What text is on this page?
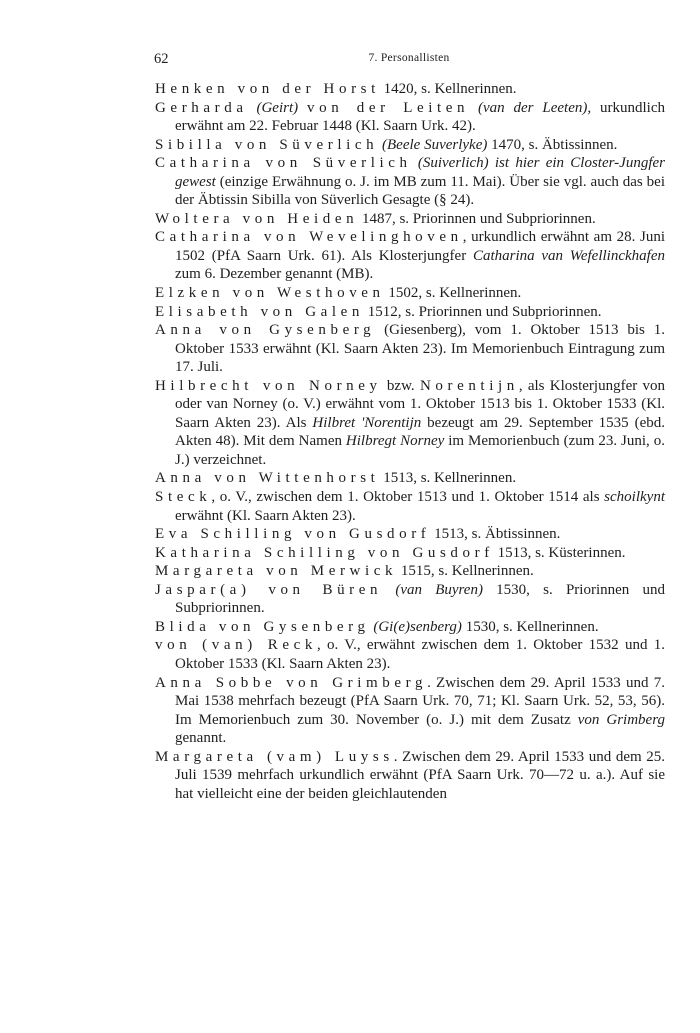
62	7. Personallisten

Henken von der Horst 1420, s. Kellnerinnen.

Gerharda (Geirt) von der Leiten (van der Leeten), urkundlich erwähnt am 22. Februar 1448 (Kl. Saarn Urk. 42).

Sibilla von Süverlich (Beele Suverlyke) 1470, s. Äbtissinnen.

Catharina von Süverlich (Suiverlich) ist hier ein Closter-Jungfer gewest (einzige Erwähnung o. J. im MB zum 11. Mai). Über sie vgl. auch das bei der Äbtissin Sibilla von Süverlich Gesagte (§ 24).

Woltera von Heiden 1487, s. Priorinnen und Subpriorinnen.

Catharina von Wevelinghoven, urkundlich erwähnt am 28. Juni 1502 (PfA Saarn Urk. 61). Als Klosterjungfer Catharina van Wefellinckhafen zum 6. Dezember genannt (MB).

Elzken von Westhoven 1502, s. Kellnerinnen.

Elisabeth von Galen 1512, s. Priorinnen und Subpriorinnen.

Anna von Gysenberg (Giesenberg), vom 1. Oktober 1513 bis 1. Oktober 1533 erwähnt (Kl. Saarn Akten 23). Im Memorienbuch Eintragung zum 17. Juli.

Hilbrecht von Norney bzw. Norentijn, als Klosterjungfer von oder van Norney (o. V.) erwähnt vom 1. Oktober 1513 bis 1. Oktober 1533 (Kl. Saarn Akten 23). Als Hilbret 'Norentijn bezeugt am 29. September 1535 (ebd. Akten 48). Mit dem Namen Hilbregt Norney im Memorienbuch (zum 23. Juni, o. J.) verzeichnet.

Anna von Wittenhorst 1513, s. Kellnerinnen.

Steck, o. V., zwischen dem 1. Oktober 1513 und 1. Oktober 1514 als schoilkynt erwähnt (Kl. Saarn Akten 23).

Eva Schilling von Gusdorf 1513, s. Äbtissinnen.

Katharina Schilling von Gusdorf 1513, s. Küsterinnen.

Margareta von Merwick 1515, s. Kellnerinnen.

Jaspar(a) von Büren (van Buyren) 1530, s. Priorinnen und Subpriorinnen.

Blida von Gysenberg (Gi(e)senberg) 1530, s. Kellnerinnen.

von (van) Reck, o. V., erwähnt zwischen dem 1. Oktober 1532 und 1. Oktober 1533 (Kl. Saarn Akten 23).

Anna Sobbe von Grimberg. Zwischen dem 29. April 1533 und 7. Mai 1538 mehrfach bezeugt (PfA Saarn Urk. 70, 71; Kl. Saarn Urk. 52, 53, 56). Im Memorienbuch zum 30. November (o. J.) mit dem Zusatz von Grimberg genannt.

Margareta (vam) Luyss. Zwischen dem 29. April 1533 und dem 25. Juli 1539 mehrfach urkundlich erwähnt (PfA Saarn Urk. 70—72 u. a.). Auf sie hat vielleicht eine der beiden gleichlautenden
